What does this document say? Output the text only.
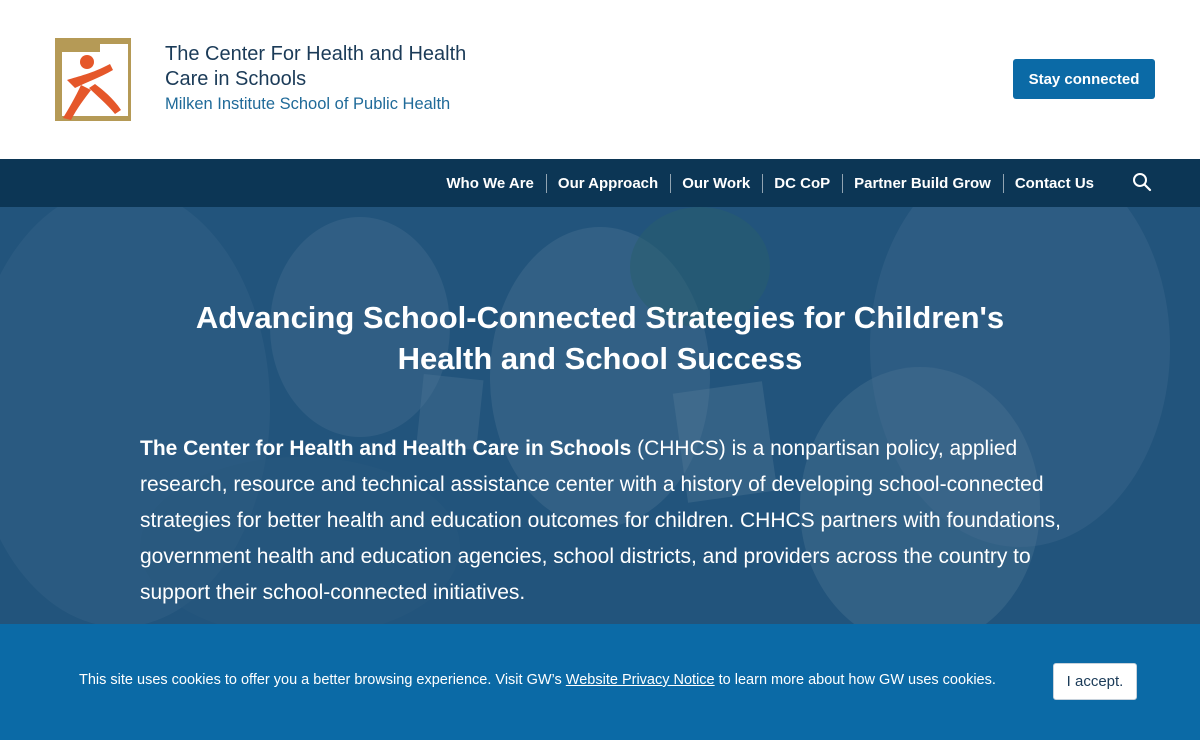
The Center For Health and Health Care in Schools
Milken Institute School of Public Health
Stay connected
Who We Are	Our Approach	Our Work	DC CoP	Partner Build Grow	Contact Us
Advancing School-Connected Strategies for Children's Health and School Success

The Center for Health and Health Care in Schools (CHHCS) is a nonpartisan policy, applied research, resource and technical assistance center with a history of developing school-connected strategies for better health and education outcomes for children. CHHCS partners with foundations, government health and education agencies, school districts, and providers across the country to support their school-connected initiatives.

This site uses cookies to offer you a better browsing experience. Visit GW’s Website Privacy Notice to learn more about how GW uses cookies.	I accept.
